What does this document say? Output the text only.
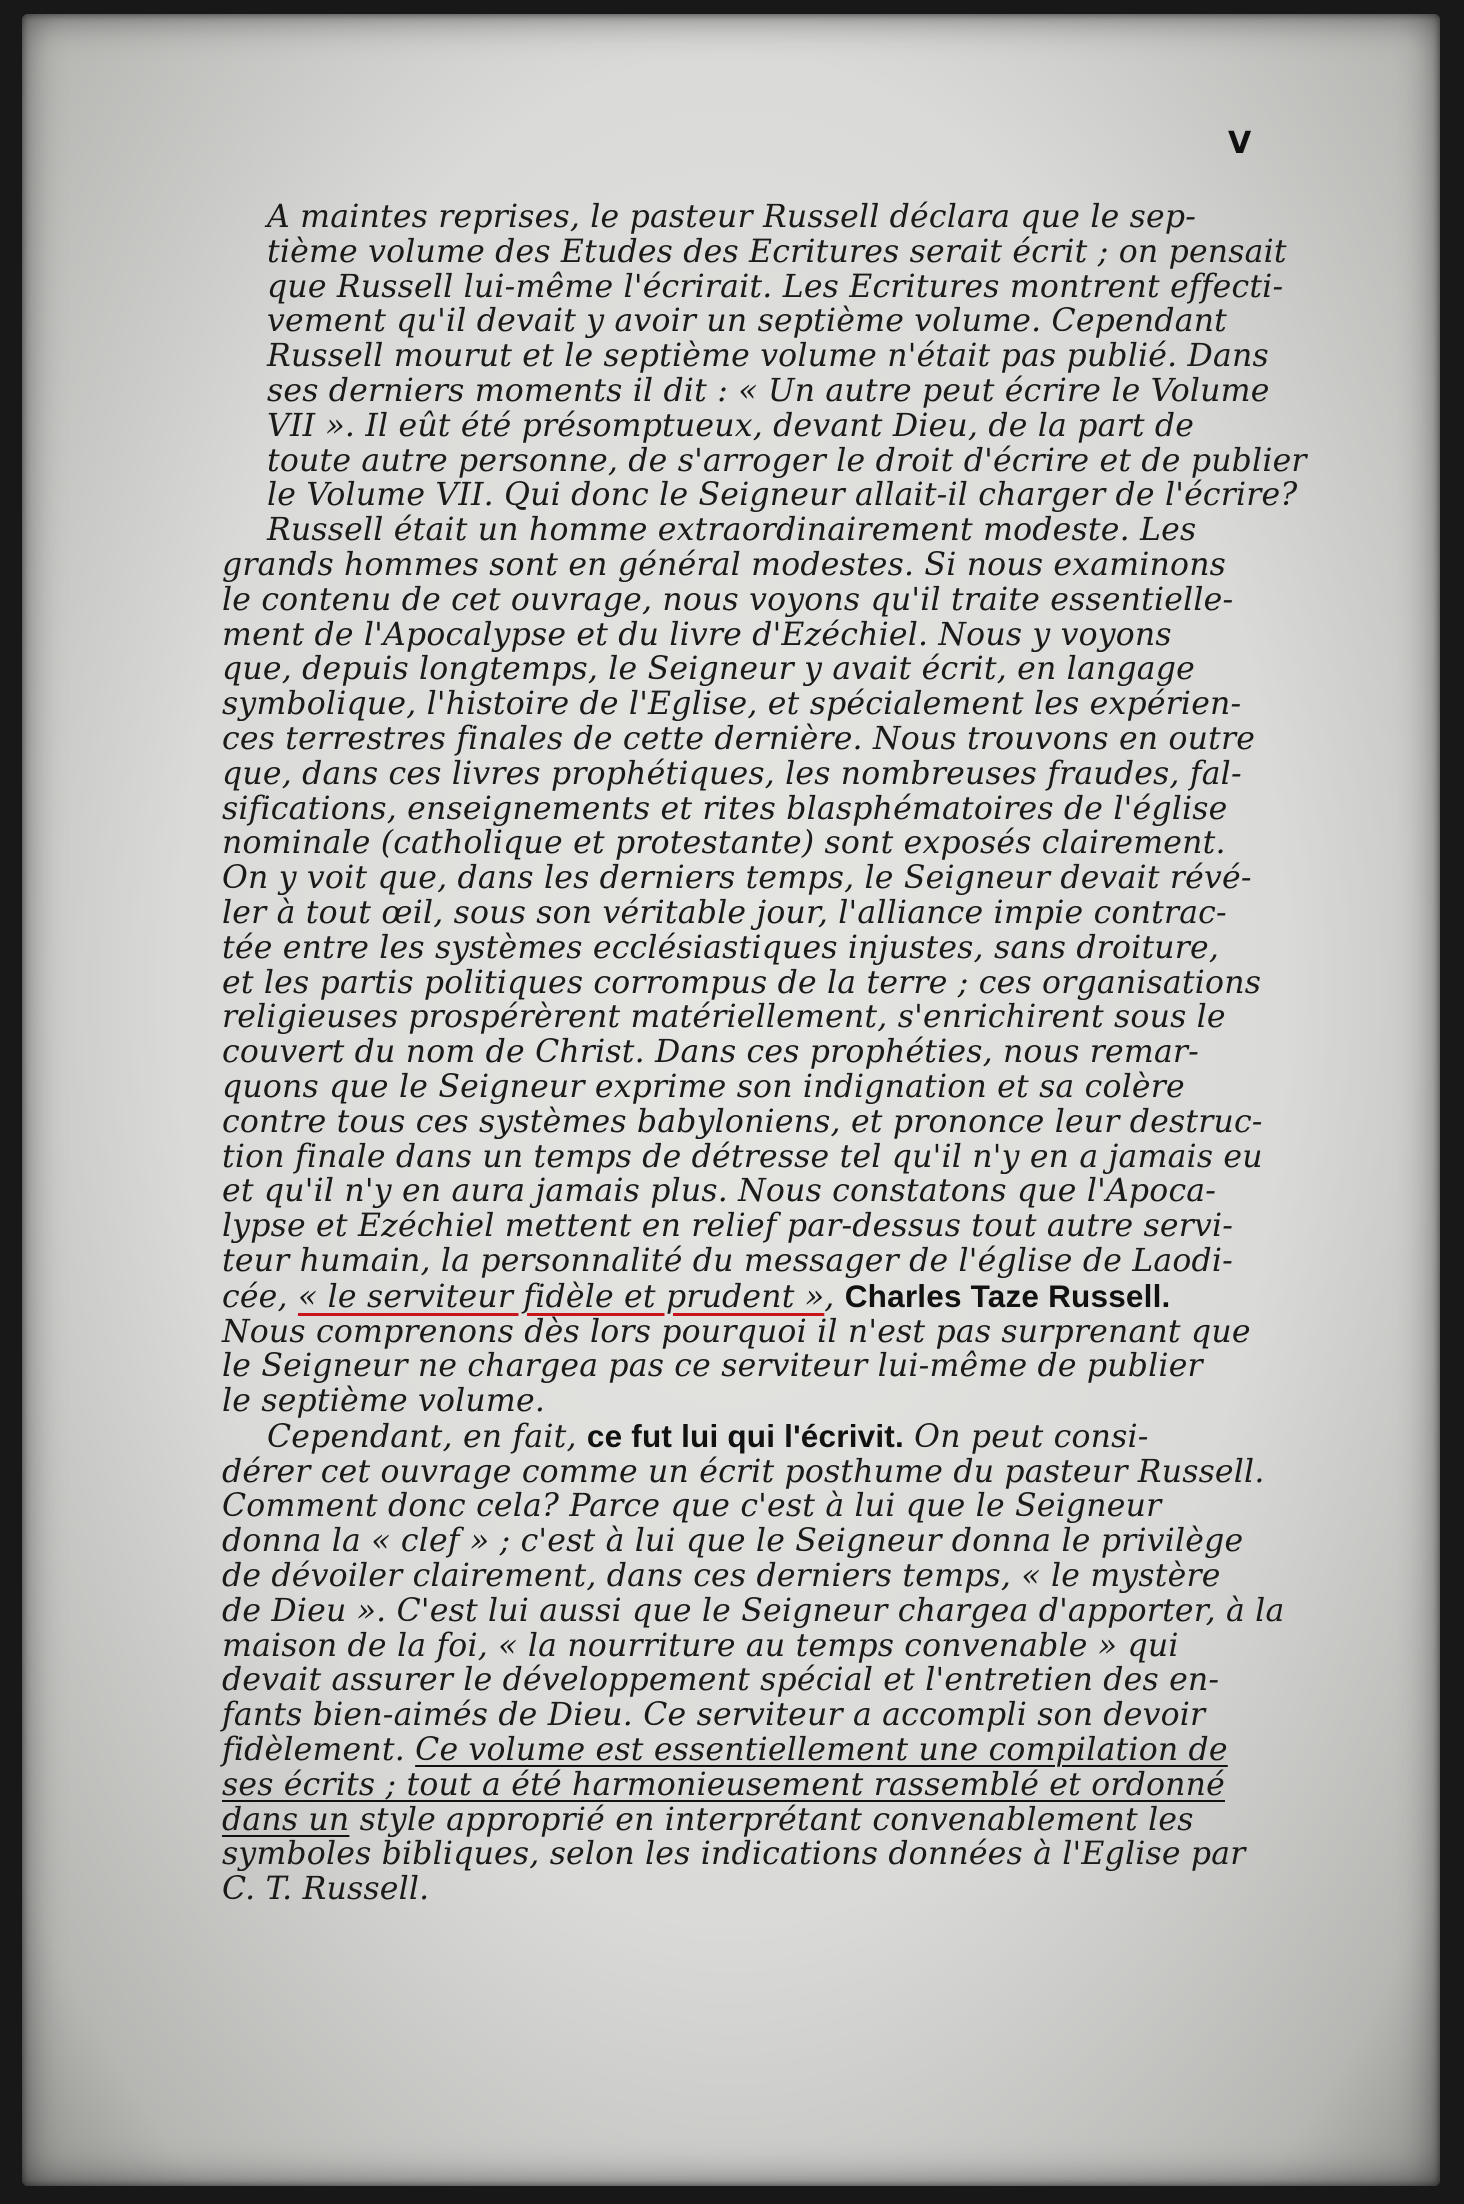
V

A maintes reprises, le pasteur Russell déclara que le sep-
tième volume des Etudes des Ecritures serait écrit ; on pensait
que Russell lui-même l'écrirait. Les Ecritures montrent effecti-
vement qu'il devait y avoir un septième volume. Cependant
Russell mourut et le septième volume n'était pas publié. Dans
ses derniers moments il dit : « Un autre peut écrire le Volume
VII ». Il eût été présomptueux, devant Dieu, de la part de
toute autre personne, de s'arroger le droit d'écrire et de publier
le Volume VII. Qui donc le Seigneur allait-il charger de l'écrire?

Russell était un homme extraordinairement modeste. Les
grands hommes sont en général modestes. Si nous examinons
le contenu de cet ouvrage, nous voyons qu'il traite essentielle-
ment de l'Apocalypse et du livre d'Ezéchiel. Nous y voyons
que, depuis longtemps, le Seigneur y avait écrit, en langage
symbolique, l'histoire de l'Eglise, et spécialement les expérien-
ces terrestres finales de cette dernière. Nous trouvons en outre
que, dans ces livres prophétiques, les nombreuses fraudes, fal-
sifications, enseignements et rites blasphématoires de l'église
nominale (catholique et protestante) sont exposés clairement.
On y voit que, dans les derniers temps, le Seigneur devait révé-
ler à tout œil, sous son véritable jour, l'alliance impie contrac-
tée entre les systèmes ecclésiastiques injustes, sans droiture,
et les partis politiques corrompus de la terre ; ces organisations
religieuses prospérèrent matériellement, s'enrichirent sous le
couvert du nom de Christ. Dans ces prophéties, nous remar-
quons que le Seigneur exprime son indignation et sa colère
contre tous ces systèmes babyloniens, et prononce leur destruc-
tion finale dans un temps de détresse tel qu'il n'y en a jamais eu
et qu'il n'y en aura jamais plus. Nous constatons que l'Apoca-
lypse et Ezéchiel mettent en relief par-dessus tout autre servi-
teur humain, la personnalité du messager de l'église de Laodi-
cée, « le serviteur fidèle et prudent », Charles Taze Russell.
Nous comprenons dès lors pourquoi il n'est pas surprenant que
le Seigneur ne chargea pas ce serviteur lui-même de publier
le septième volume.

Cependant, en fait, ce fut lui qui l'écrivit. On peut consi-
dérer cet ouvrage comme un écrit posthume du pasteur Russell.
Comment donc cela? Parce que c'est à lui que le Seigneur
donna la « clef » ; c'est à lui que le Seigneur donna le privilège
de dévoiler clairement, dans ces derniers temps, « le mystère
de Dieu ». C'est lui aussi que le Seigneur chargea d'apporter, à la
maison de la foi, « la nourriture au temps convenable » qui
devait assurer le développement spécial et l'entretien des en-
fants bien-aimés de Dieu. Ce serviteur a accompli son devoir
fidèlement. Ce volume est essentiellement une compilation de
ses écrits ; tout a été harmonieusement rassemblé et ordonné
dans un style approprié en interprétant convenablement les
symboles bibliques, selon les indications données à l'Eglise par
C. T. Russell.
